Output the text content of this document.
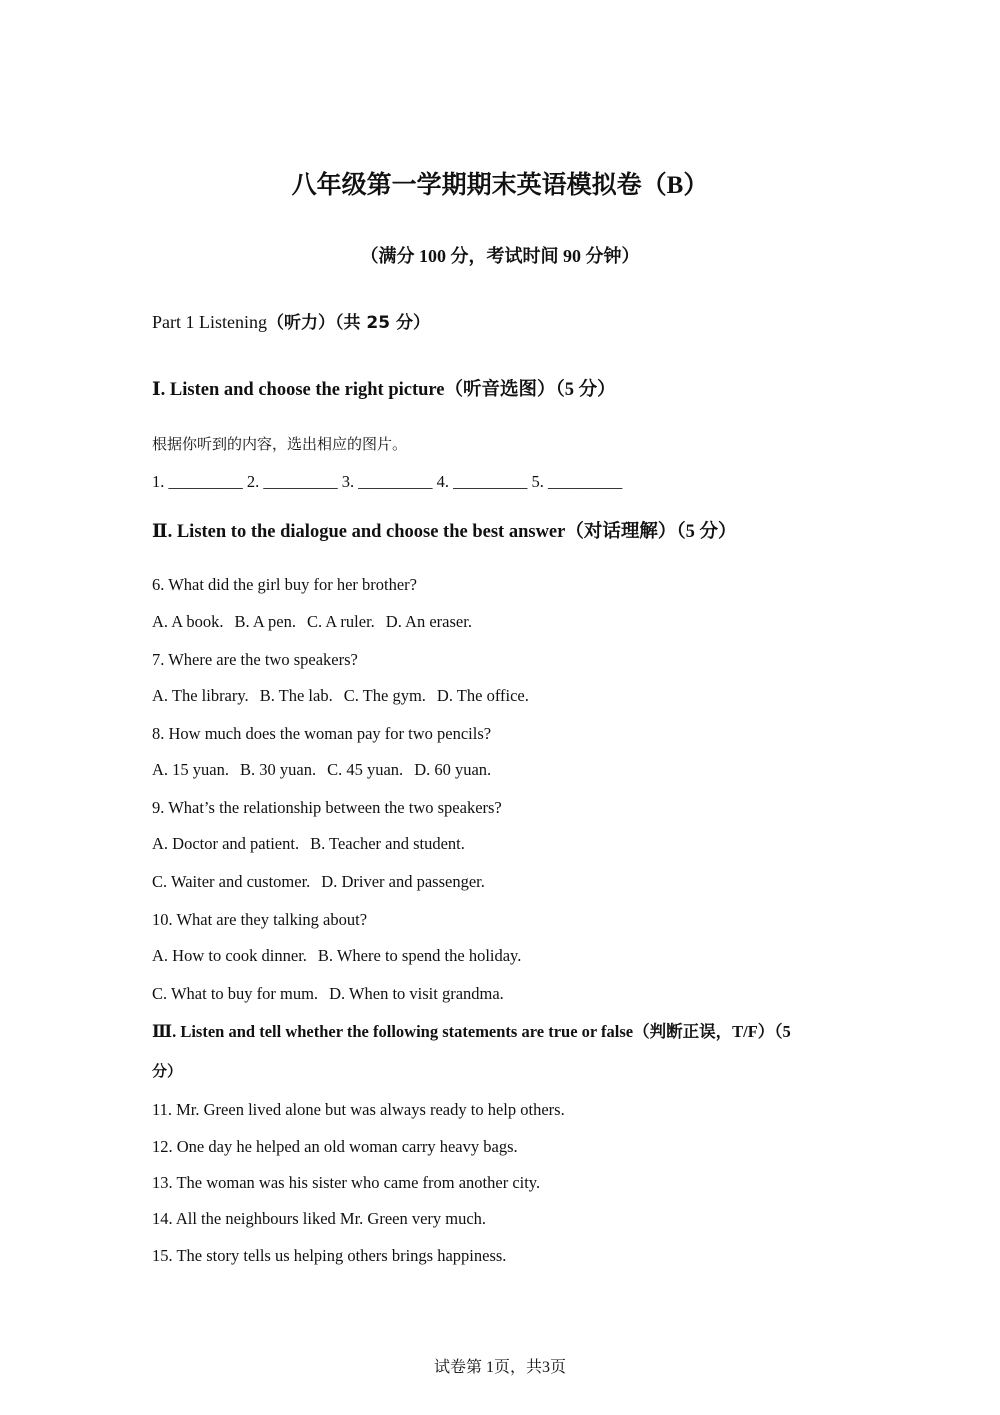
八年级第一学期期末英语模拟卷（B）
（满分 100 分，考试时间 90 分钟）
Part 1 Listening（听力）（共 25 分）
Ⅰ. Listen and choose the right picture（听音选图）（5 分）
根据你听到的内容，选出相应的图片。
1. _________ 2. _________ 3. _________ 4. _________ 5. _________
Ⅱ. Listen to the dialogue and choose the best answer（对话理解）（5 分）
6. What did the girl buy for her brother?
A. A book. B. A pen. C. A ruler. D. An eraser.
7. Where are the two speakers?
A. The library. B. The lab. C. The gym. D. The office.
8. How much does the woman pay for two pencils?
A. 15 yuan. B. 30 yuan. C. 45 yuan. D. 60 yuan.
9. What’s the relationship between the two speakers?
A. Doctor and patient. B. Teacher and student.
C. Waiter and customer. D. Driver and passenger.
10. What are they talking about?
A. How to cook dinner. B. Where to spend the holiday.
C. What to buy for mum. D. When to visit grandma.
Ⅲ. Listen and tell whether the following statements are true or false（判断正误，T/F）（5
分）
11. Mr. Green lived alone but was always ready to help others.
12. One day he helped an old woman carry heavy bags.
13. The woman was his sister who came from another city.
14. All the neighbours liked Mr. Green very much.
15. The story tells us helping others brings happiness.
试卷第 1页，共3页
